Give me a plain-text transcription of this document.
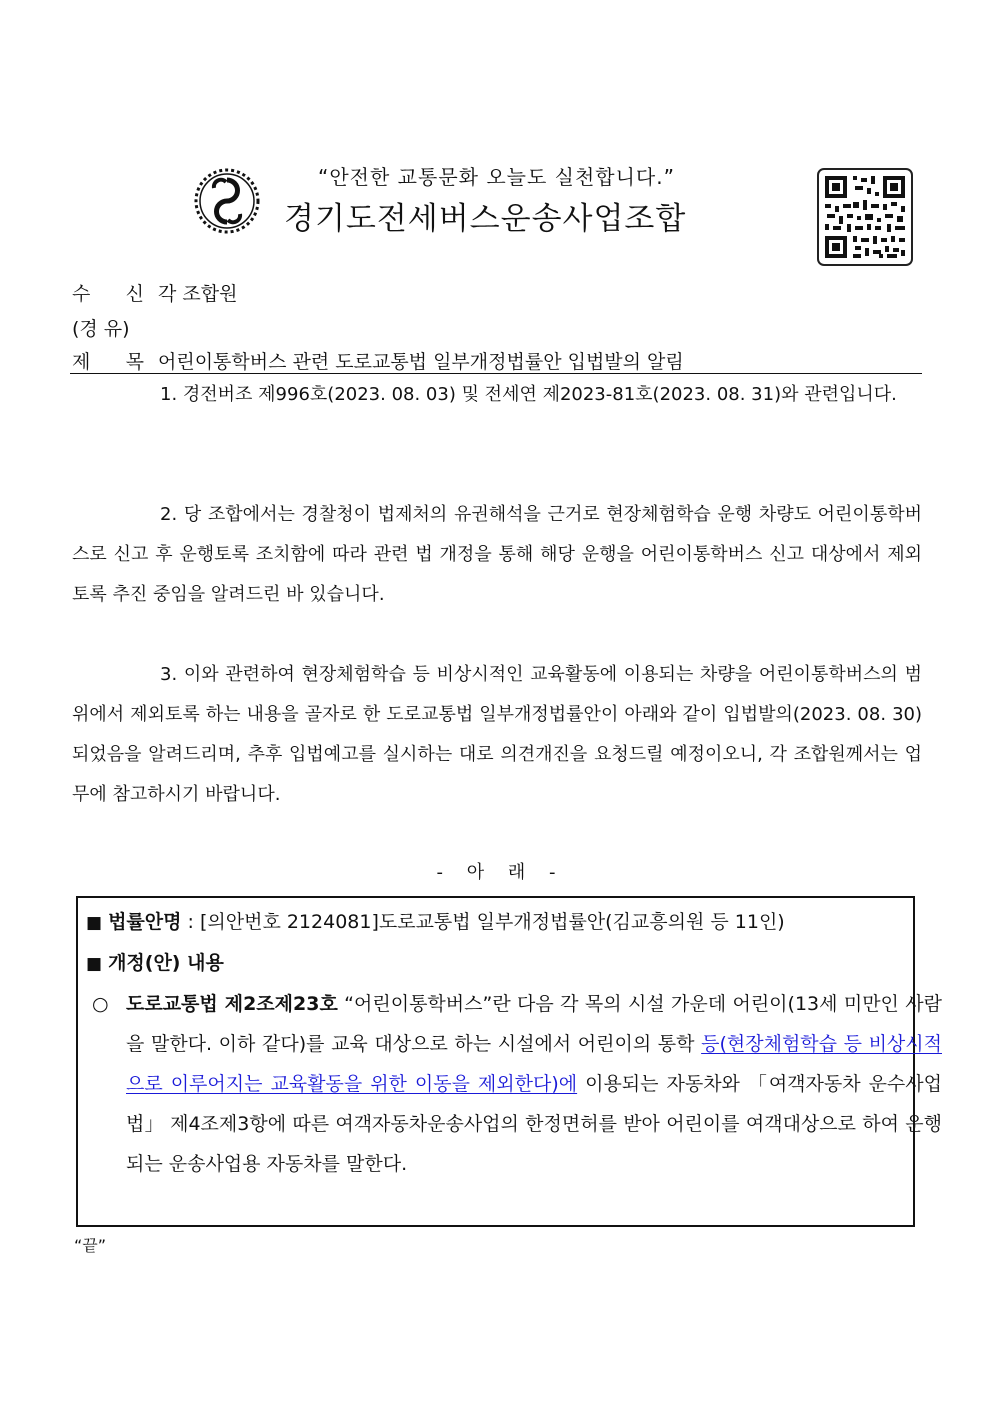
“안전한 교통문화 오늘도 실천합니다.”
경기도전세버스운송사업조합
수 신 각 조합원
(경 유)
제 목 어린이통학버스 관련 도로교통법 일부개정법률안 입법발의 알림
1. 경전버조 제996호(2023. 08. 03) 및 전세연 제2023-81호(2023. 08. 31)와 관련입니다.
2. 당 조합에서는 경찰청이 법제처의 유권해석을 근거로 현장체험학습 운행 차량도 어린이통학버스로 신고 후 운행토록 조치함에 따라 관련 법 개정을 통해 해당 운행을 어린이통학버스 신고 대상에서 제외토록 추진 중임을 알려드린 바 있습니다.
3. 이와 관련하여 현장체험학습 등 비상시적인 교육활동에 이용되는 차량을 어린이통학버스의 범위에서 제외토록 하는 내용을 골자로 한 도로교통법 일부개정법률안이 아래와 같이 입법발의(2023. 08. 30) 되었음을 알려드리며, 추후 입법예고를 실시하는 대로 의견개진을 요청드릴 예정이오니, 각 조합원께서는 업무에 참고하시기 바랍니다.
- 아 래 -
■ 법률안명 : [의안번호 2124081]도로교통법 일부개정법률안(김교흥의원 등 11인)
■ 개정(안) 내용
○ 도로교통법 제2조제23호 “어린이통학버스”란 다음 각 목의 시설 가운데 어린이(13세 미만인 사람을 말한다. 이하 같다)를 교육 대상으로 하는 시설에서 어린이의 통학 등(현장체험학습 등 비상시적으로 이루어지는 교육활동을 위한 이동을 제외한다)에 이용되는 자동차와 「여객자동차 운수사업법」 제4조제3항에 따른 여객자동차운송사업의 한정면허를 받아 어린이를 여객대상으로 하여 운행되는 운송사업용 자동차를 말한다.
“끝”
